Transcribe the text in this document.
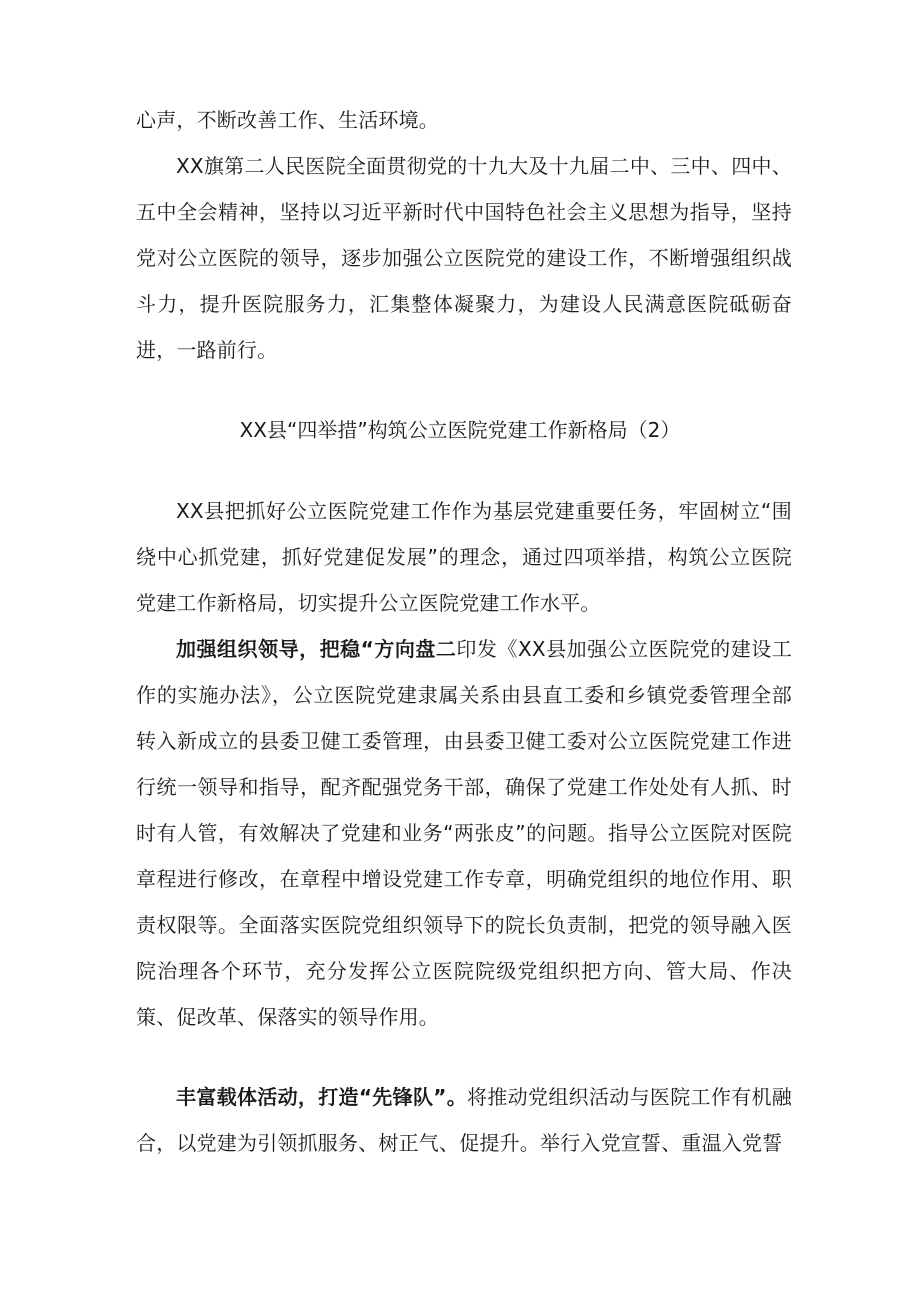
心声，不断改善工作、生活环境。

XX旗第二人民医院全面贯彻党的十九大及十九届二中、三中、四中、五中全会精神，坚持以习近平新时代中国特色社会主义思想为指导，坚持党对公立医院的领导，逐步加强公立医院党的建设工作，不断增强组织战斗力，提升医院服务力，汇集整体凝聚力，为建设人民满意医院砥砺奋进，一路前行。

XX县“四举措”构筑公立医院党建工作新格局（2）

XX县把抓好公立医院党建工作作为基层党建重要任务，牢固树立“围绕中心抓党建，抓好党建促发展”的理念，通过四项举措，构筑公立医院党建工作新格局，切实提升公立医院党建工作水平。

加强组织领导，把稳“方向盘二印发《XX县加强公立医院党的建设工作的实施办法》，公立医院党建隶属关系由县直工委和乡镇党委管理全部转入新成立的县委卫健工委管理，由县委卫健工委对公立医院党建工作进行统一领导和指导，配齐配强党务干部，确保了党建工作处处有人抓、时时有人管，有效解决了党建和业务“两张皮”的问题。指导公立医院对医院章程进行修改，在章程中增设党建工作专章，明确党组织的地位作用、职责权限等。全面落实医院党组织领导下的院长负责制，把党的领导融入医院治理各个环节，充分发挥公立医院院级党组织把方向、管大局、作决策、促改革、保落实的领导作用。

丰富载体活动，打造“先锋队”。将推动党组织活动与医院工作有机融合，以党建为引领抓服务、树正气、促提升。举行入党宣誓、重温入党誓
